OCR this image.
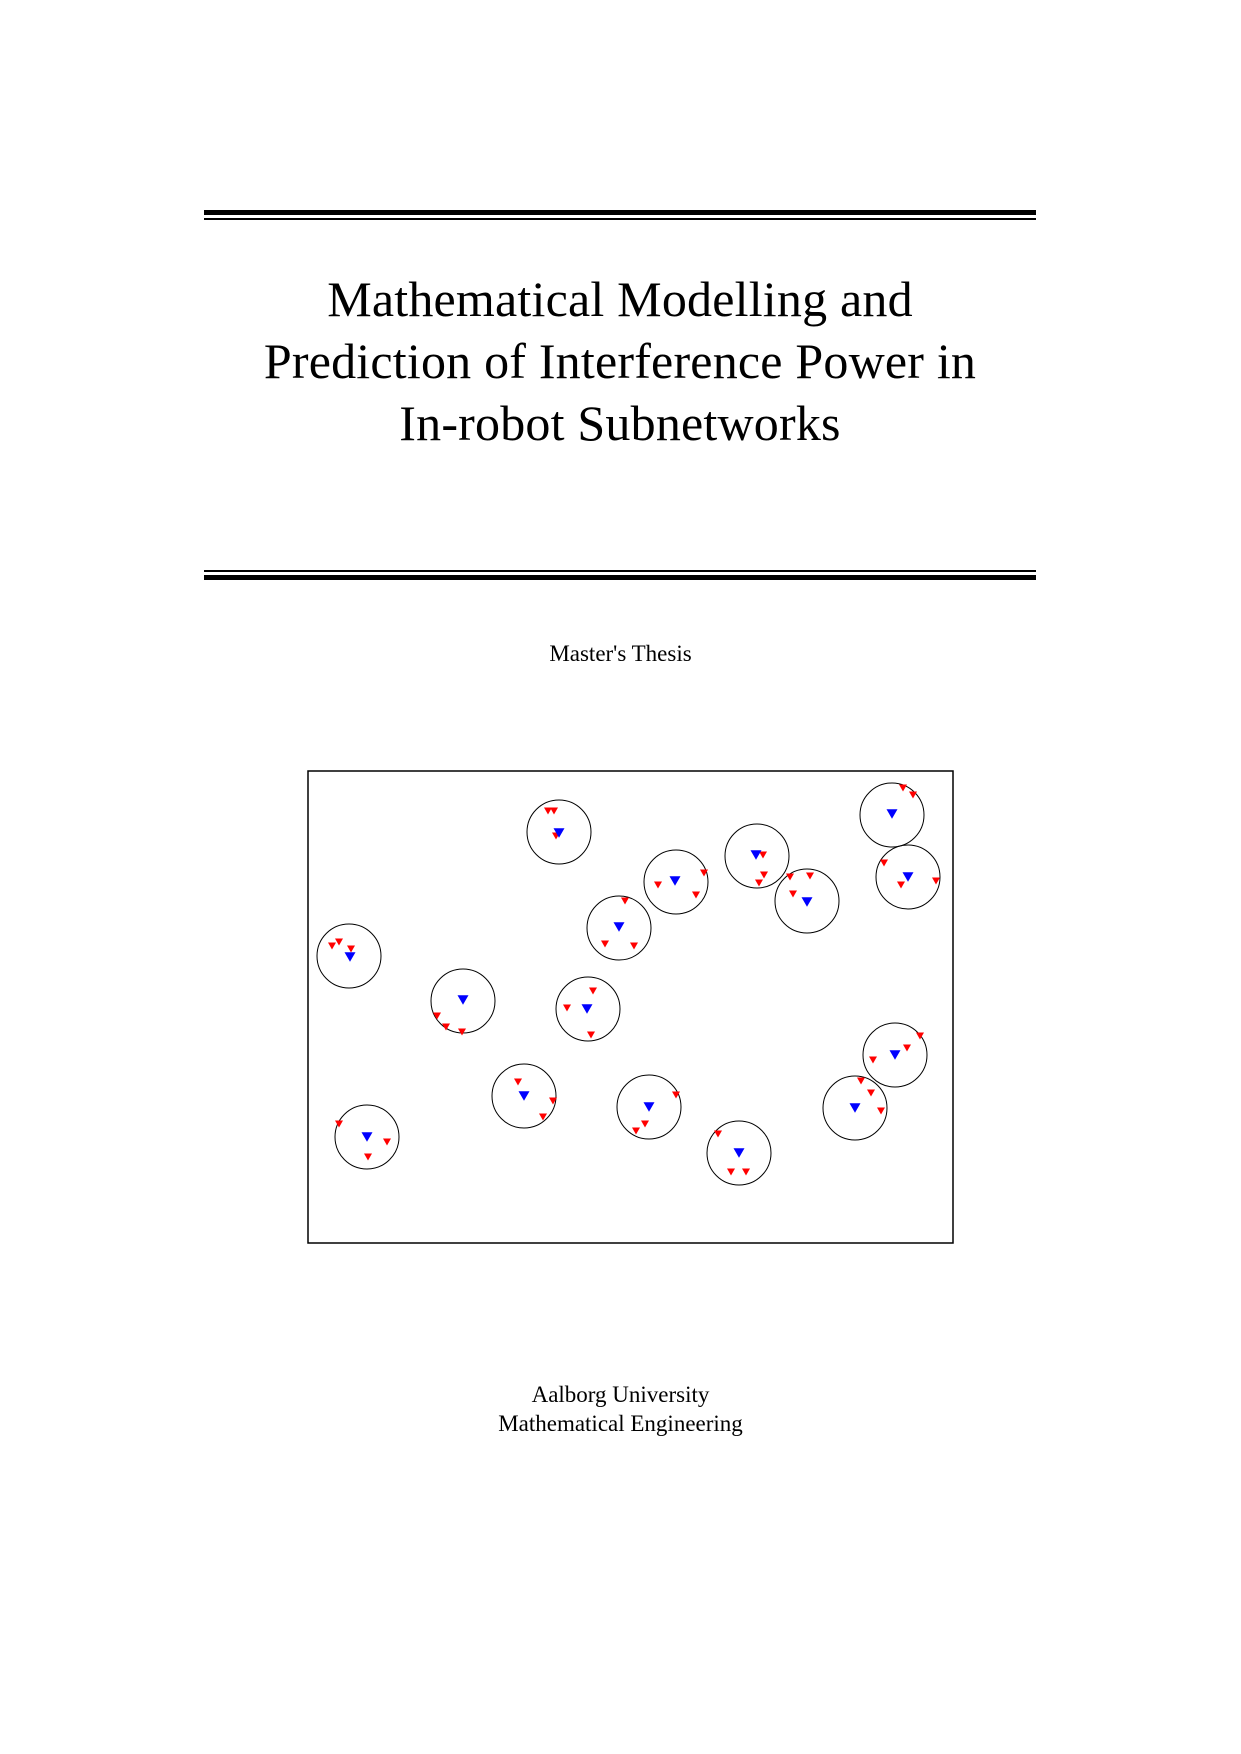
Mathematical Modelling and
Prediction of Interference Power in
In-robot Subnetworks
Master's Thesis
Aalborg University
Mathematical Engineering
